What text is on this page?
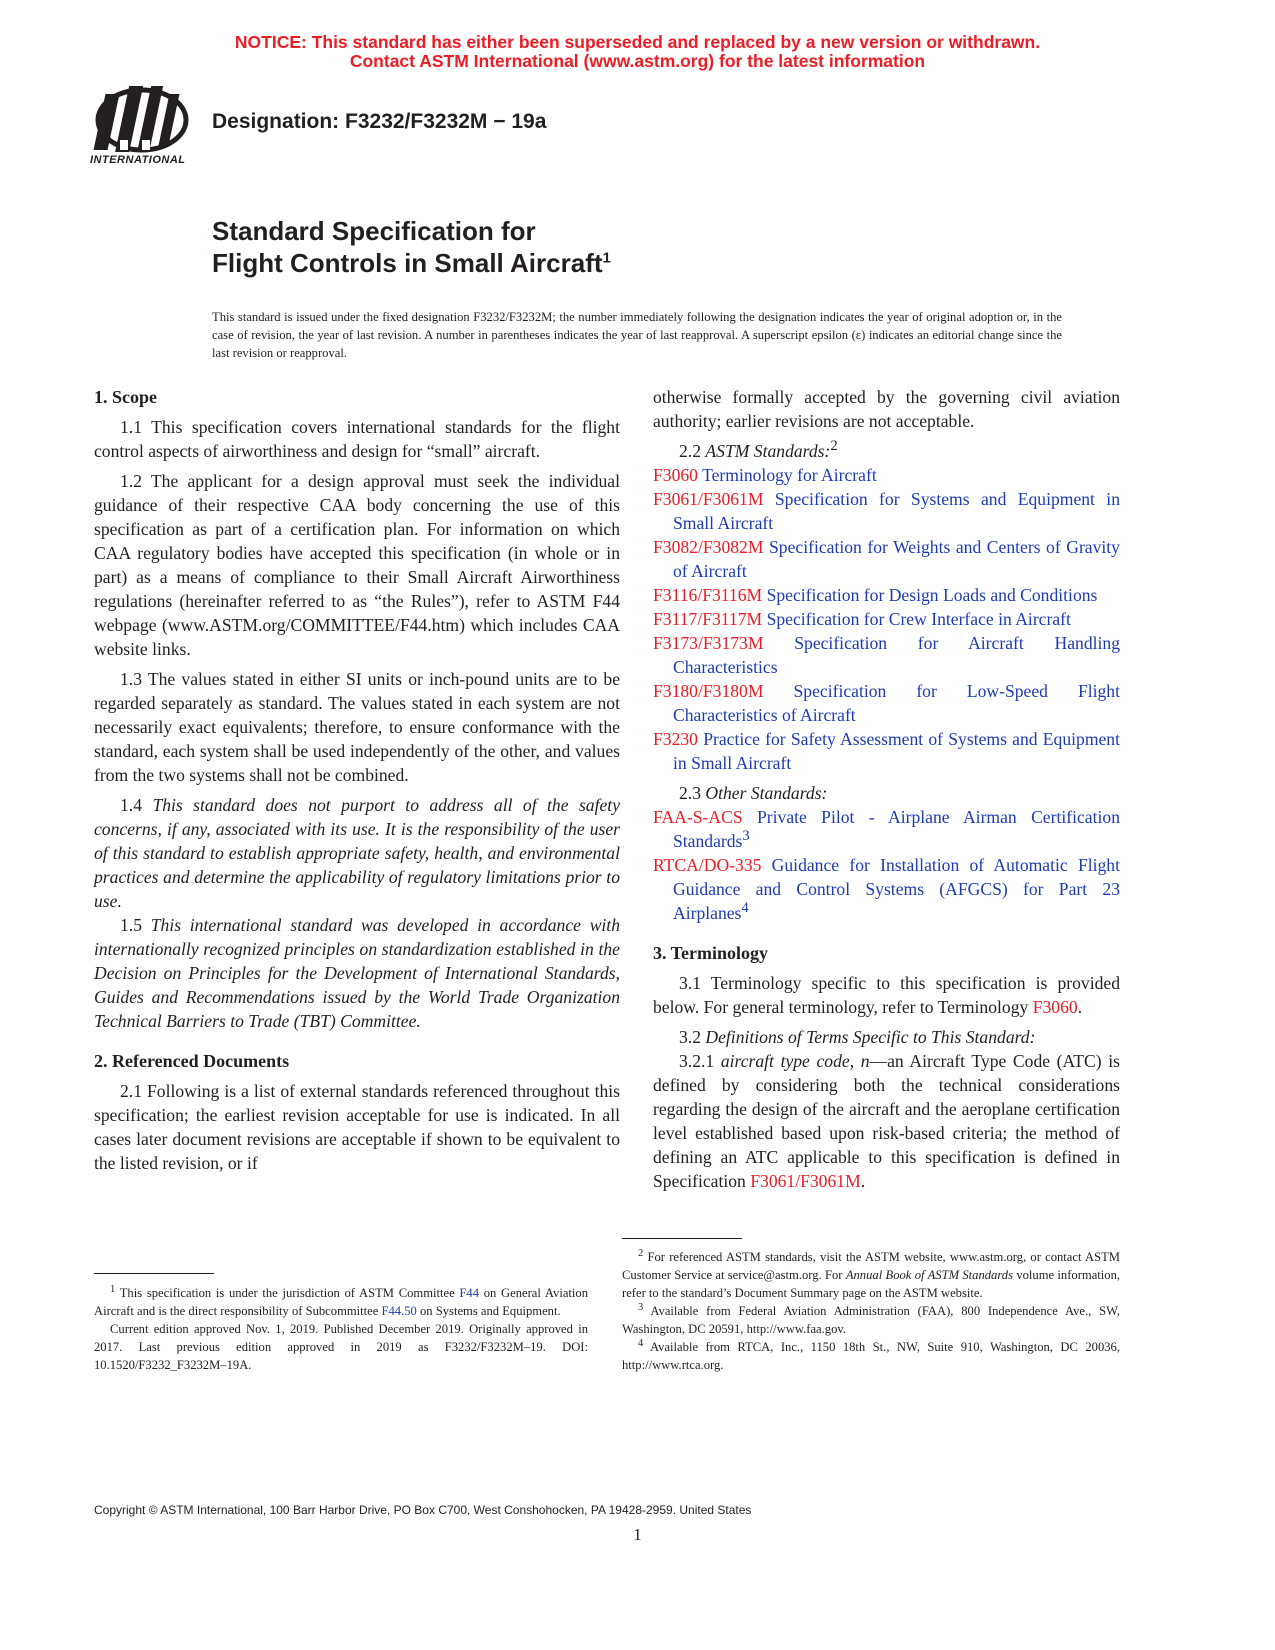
NOTICE: This standard has either been superseded and replaced by a new version or withdrawn.
Contact ASTM International (www.astm.org) for the latest information
INTERNATIONAL
Designation: F3232/F3232M − 19a
Standard Specification for
Flight Controls in Small Aircraft$^1$
This standard is issued under the fixed designation F3232/F3232M; the number immediately following the designation indicates the year of original adoption or, in the case of revision, the year of last revision. A number in parentheses indicates the year of last reapproval. A superscript epsilon (ε) indicates an editorial change since the last revision or reapproval.
1. Scope

1.1 This specification covers international standards for the flight control aspects of airworthiness and design for “small” aircraft.

1.2 The applicant for a design approval must seek the individual guidance of their respective CAA body concerning the use of this specification as part of a certification plan. For information on which CAA regulatory bodies have accepted this specification (in whole or in part) as a means of compliance to their Small Aircraft Airworthiness regulations (hereinafter referred to as “the Rules”), refer to ASTM F44 webpage (www.ASTM.org/COMMITTEE/F44.htm) which includes CAA website links.

1.3 The values stated in either SI units or inch-pound units are to be regarded separately as standard. The values stated in each system are not necessarily exact equivalents; therefore, to ensure conformance with the standard, each system shall be used independently of the other, and values from the two systems shall not be combined.

1.4 This standard does not purport to address all of the safety concerns, if any, associated with its use. It is the responsibility of the user of this standard to establish appropriate safety, health, and environmental practices and determine the applicability of regulatory limitations prior to use.

1.5 This international standard was developed in accordance with internationally recognized principles on standardization established in the Decision on Principles for the Development of International Standards, Guides and Recommendations issued by the World Trade Organization Technical Barriers to Trade (TBT) Committee.

2. Referenced Documents

2.1 Following is a list of external standards referenced throughout this specification; the earliest revision acceptable for use is indicated. In all cases later document revisions are acceptable if shown to be equivalent to the listed revision, or if

$^1$ This specification is under the jurisdiction of ASTM Committee F44 on General Aviation Aircraft and is the direct responsibility of Subcommittee F44.50 on Systems and Equipment.

Current edition approved Nov. 1, 2019. Published December 2019. Originally approved in 2017. Last previous edition approved in 2019 as F3232/F3232M–19. DOI: 10.1520/F3232_F3232M–19A.

otherwise formally accepted by the governing civil aviation authority; earlier revisions are not acceptable.

2.2 ASTM Standards:$^2$

F3060 Terminology for Aircraft
F3061/F3061M Specification for Systems and Equipment in Small Aircraft
F3082/F3082M Specification for Weights and Centers of Gravity of Aircraft
F3116/F3116M Specification for Design Loads and Conditions
F3117/F3117M Specification for Crew Interface in Aircraft
F3173/F3173M Specification for Aircraft Handling Characteristics
F3180/F3180M Specification for Low-Speed Flight Characteristics of Aircraft
F3230 Practice for Safety Assessment of Systems and Equipment in Small Aircraft

2.3 Other Standards:

FAA-S-ACS Private Pilot - Airplane Airman Certification Standards$^3$
RTCA/DO-335 Guidance for Installation of Automatic Flight Guidance and Control Systems (AFGCS) for Part 23 Airplanes$^4$
3. Terminology

3.1 Terminology specific to this specification is provided below. For general terminology, refer to Terminology F3060.

3.2 Definitions of Terms Specific to This Standard:

3.2.1 aircraft type code, n—an Aircraft Type Code (ATC) is defined by considering both the technical considerations regarding the design of the aircraft and the aeroplane certification level established based upon risk-based criteria; the method of defining an ATC applicable to this specification is defined in Specification F3061/F3061M.

$^2$ For referenced ASTM standards, visit the ASTM website, www.astm.org, or contact ASTM Customer Service at service@astm.org. For Annual Book of ASTM Standards volume information, refer to the standard’s Document Summary page on the ASTM website.

$^3$ Available from Federal Aviation Administration (FAA), 800 Independence Ave., SW, Washington, DC 20591, http://www.faa.gov.

$^4$ Available from RTCA, Inc., 1150 18th St., NW, Suite 910, Washington, DC 20036, http://www.rtca.org.

Copyright © ASTM International, 100 Barr Harbor Drive, PO Box C700, West Conshohocken, PA 19428-2959. United States
1
